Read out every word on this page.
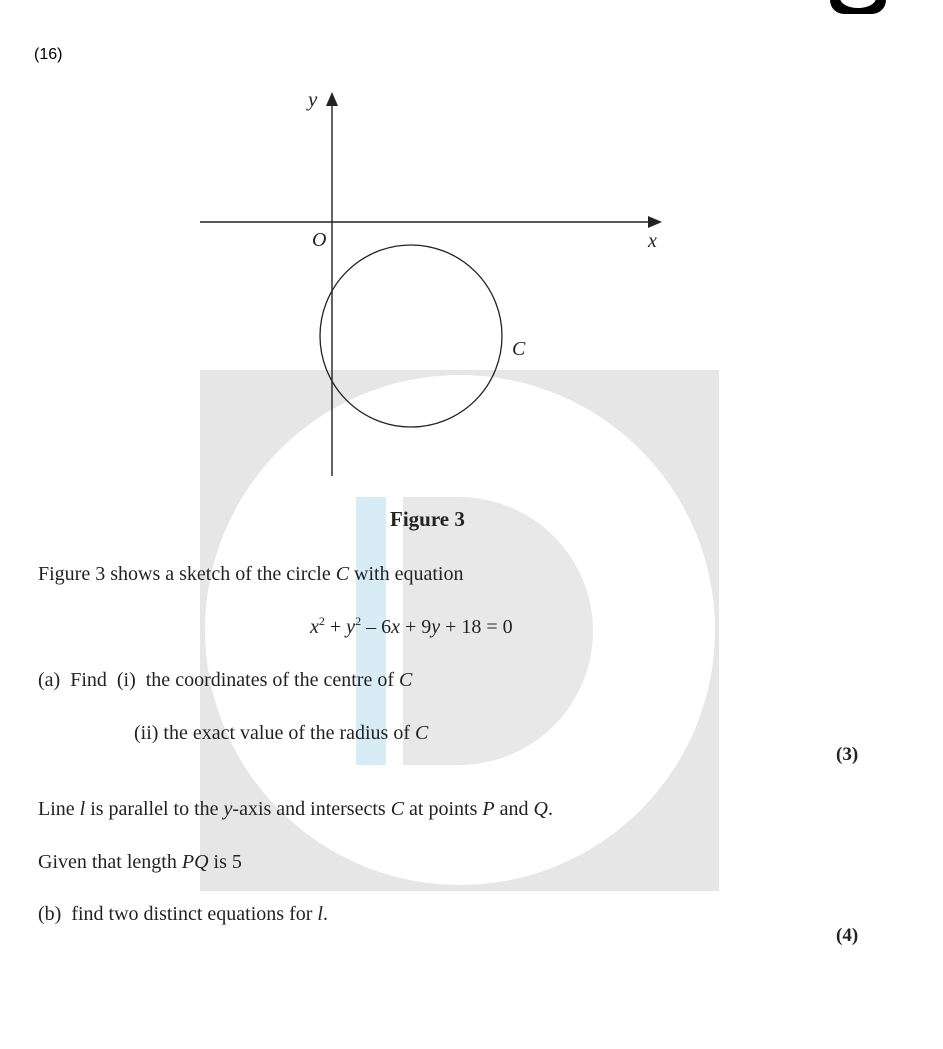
(16)
y
x
O
C
Figure 3
Figure 3 shows a sketch of the circle C with equation
$x^2 + y^2 - 6x + 9y + 18 = 0$
(a)  Find  (i)  the coordinates of the centre of C
(ii) the exact value of the radius of C
(3)
Line l is parallel to the y-axis and intersects C at points P and Q.
Given that length PQ is 5
(b)  find two distinct equations for l.
(4)
